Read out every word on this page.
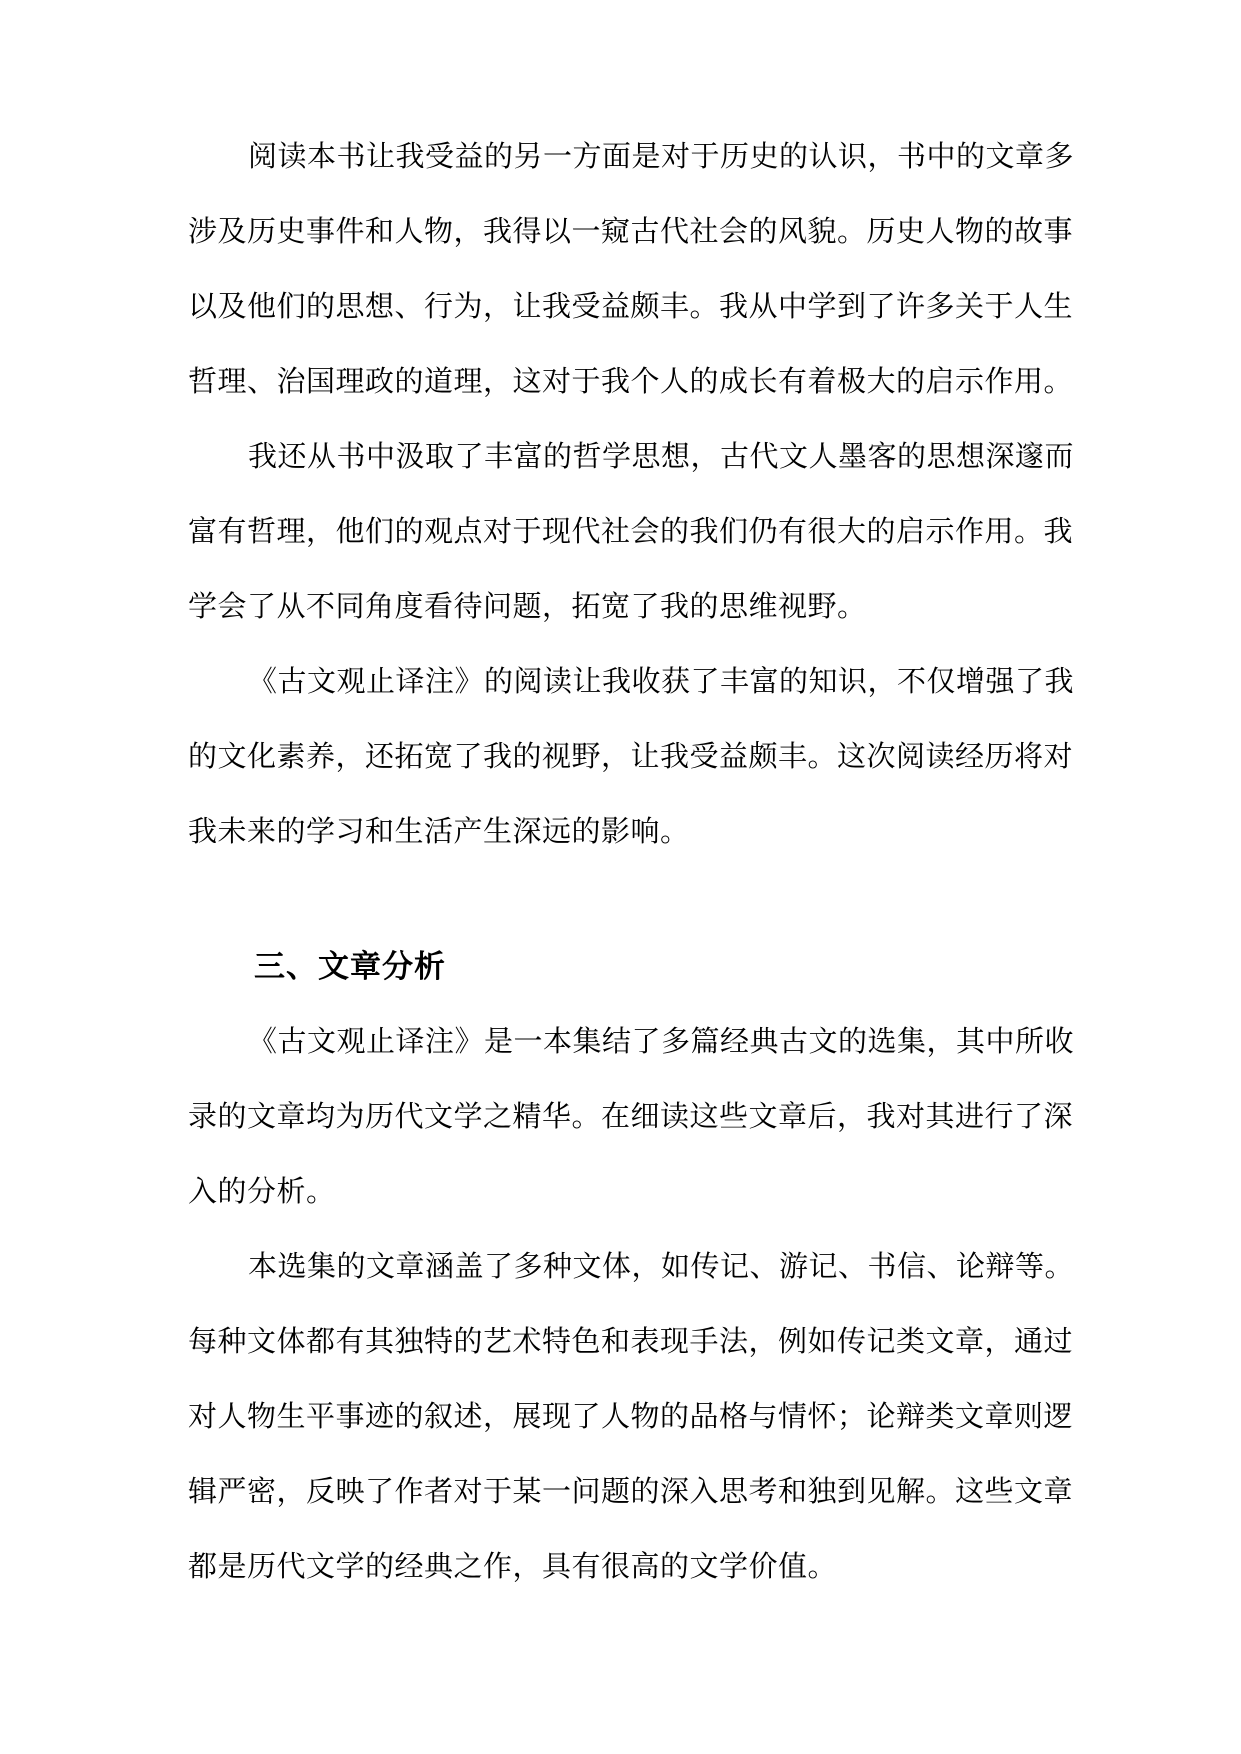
阅读本书让我受益的另一方面是对于历史的认识，书中的文章多
涉及历史事件和人物，我得以一窥古代社会的风貌。历史人物的故事
以及他们的思想、行为，让我受益颇丰。我从中学到了许多关于人生
哲理、治国理政的道理，这对于我个人的成长有着极大的启示作用。
我还从书中汲取了丰富的哲学思想，古代文人墨客的思想深邃而
富有哲理，他们的观点对于现代社会的我们仍有很大的启示作用。我
学会了从不同角度看待问题，拓宽了我的思维视野。
《古文观止译注》的阅读让我收获了丰富的知识，不仅增强了我
的文化素养，还拓宽了我的视野，让我受益颇丰。这次阅读经历将对
我未来的学习和生活产生深远的影响。
三、文章分析
《古文观止译注》是一本集结了多篇经典古文的选集，其中所收
录的文章均为历代文学之精华。在细读这些文章后，我对其进行了深
入的分析。
本选集的文章涵盖了多种文体，如传记、游记、书信、论辩等。
每种文体都有其独特的艺术特色和表现手法，例如传记类文章，通过
对人物生平事迹的叙述，展现了人物的品格与情怀；论辩类文章则逻
辑严密，反映了作者对于某一问题的深入思考和独到见解。这些文章
都是历代文学的经典之作，具有很高的文学价值。
